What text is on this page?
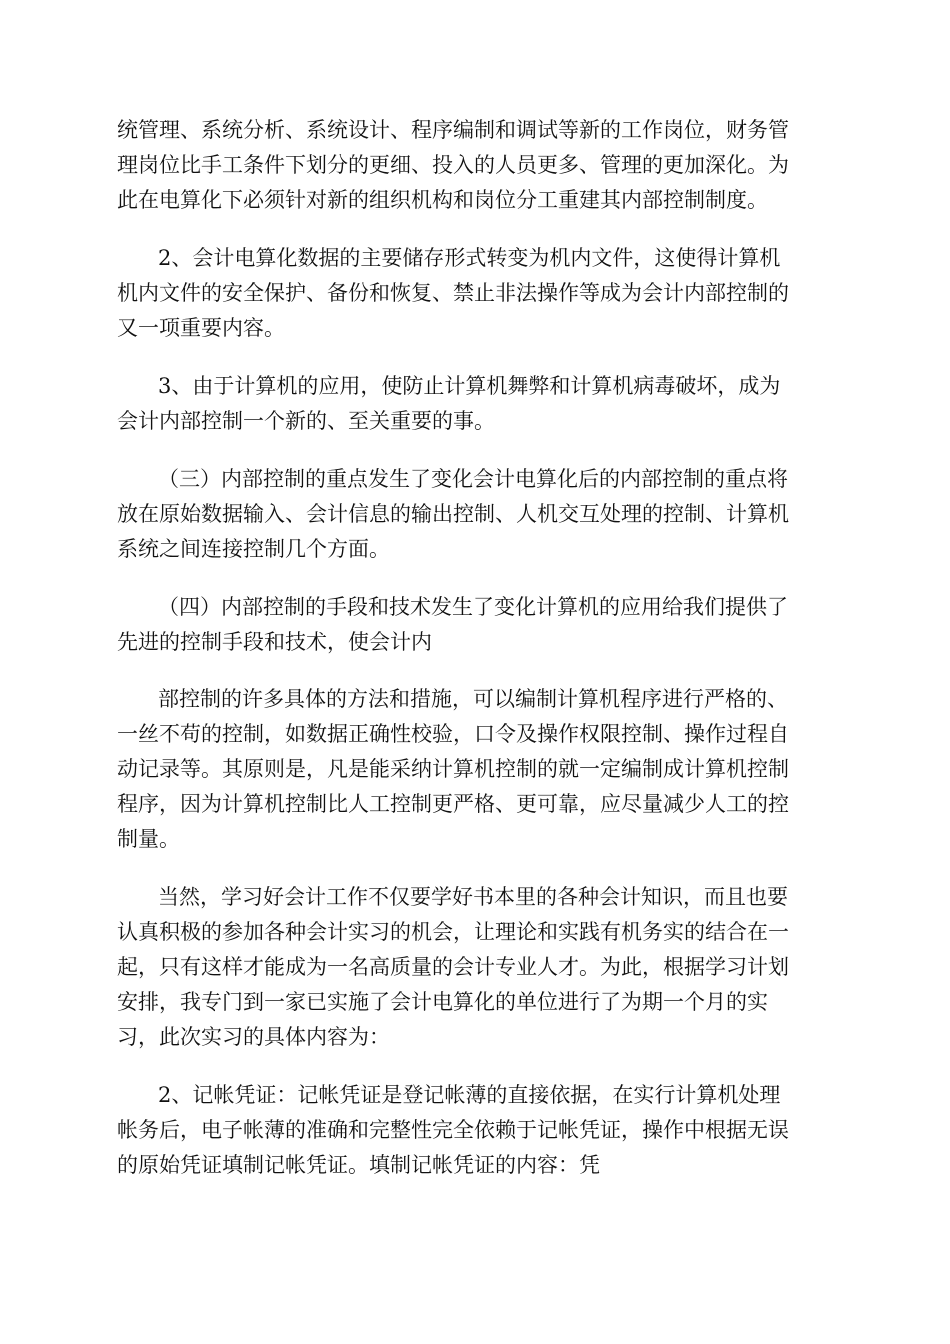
统管理、系统分析、系统设计、程序编制和调试等新的工作岗位，财务管

理岗位比手工条件下划分的更细、投入的人员更多、管理的更加深化。为

此在电算化下必须针对新的组织机构和岗位分工重建其内部控制制度。

2、会计电算化数据的主要储存形式转变为机内文件，这使得计算机

机内文件的安全保护、备份和恢复、禁止非法操作等成为会计内部控制的

又一项重要内容。

3、由于计算机的应用，使防止计算机舞弊和计算机病毒破坏，成为

会计内部控制一个新的、至关重要的事。

（三）内部控制的重点发生了变化会计电算化后的内部控制的重点将

放在原始数据输入、会计信息的输出控制、人机交互处理的控制、计算机

系统之间连接控制几个方面。

（四）内部控制的手段和技术发生了变化计算机的应用给我们提供了

先进的控制手段和技术，使会计内

部控制的许多具体的方法和措施，可以编制计算机程序进行严格的、

一丝不苟的控制，如数据正确性校验，口令及操作权限控制、操作过程自

动记录等。其原则是，凡是能采纳计算机控制的就一定编制成计算机控制

程序，因为计算机控制比人工控制更严格、更可靠，应尽量减少人工的控

制量。

当然，学习好会计工作不仅要学好书本里的各种会计知识，而且也要

认真积极的参加各种会计实习的机会，让理论和实践有机务实的结合在一

起，只有这样才能成为一名高质量的会计专业人才。为此，根据学习计划

安排，我专门到一家已实施了会计电算化的单位进行了为期一个月的实

习，此次实习的具体内容为：

2、记帐凭证：记帐凭证是登记帐薄的直接依据，在实行计算机处理

帐务后，电子帐薄的准确和完整性完全依赖于记帐凭证，操作中根据无误

的原始凭证填制记帐凭证。填制记帐凭证的内容：凭
